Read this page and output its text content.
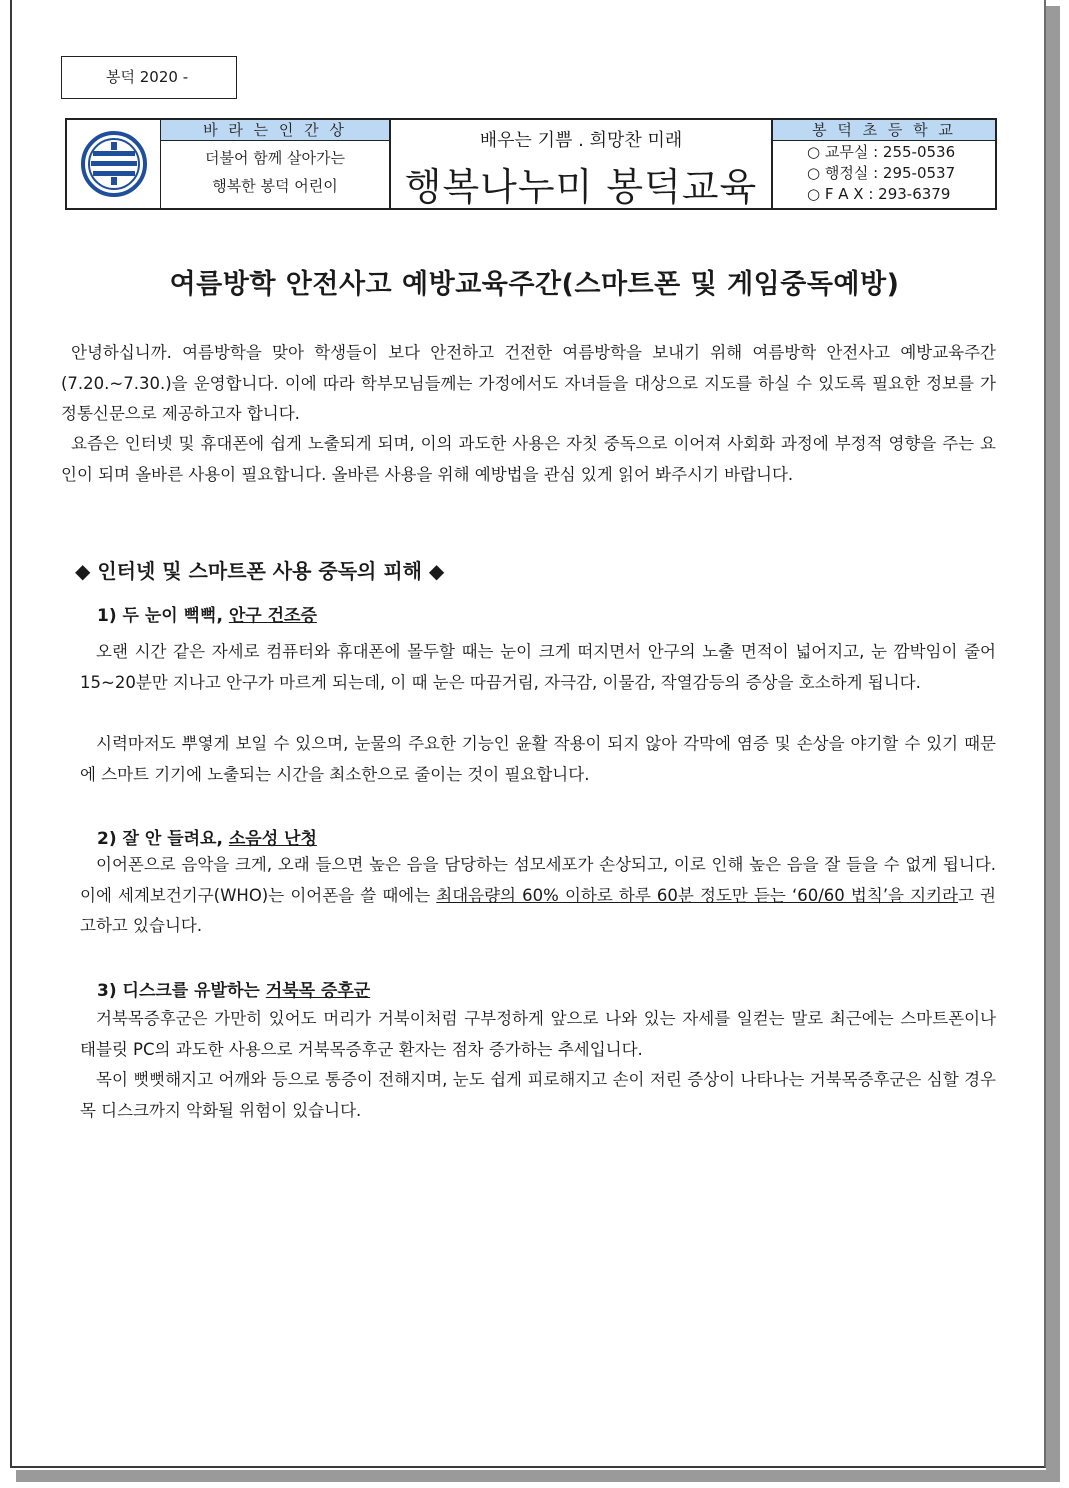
봉덕 2020 -
바 라 는 인 간 상
더불어 함께 살아가는
행복한 봉덕 어린이
배우는 기쁨 . 희망찬 미래
행복나누미 봉덕교육
봉 덕 초 등 학 교
○ 교무실 : 255-0536
○ 행정실 : 295-0537
○ F A X : 293-6379
여름방학 안전사고 예방교육주간(스마트폰 및 게임중독예방)
안녕하십니까. 여름방학을 맞아 학생들이 보다 안전하고 건전한 여름방학을 보내기 위해 여름방학 안전사고 예방교육주간(7.20.~7.30.)을 운영합니다. 이에 따라 학부모님들께는 가정에서도 자녀들을 대상으로 지도를 하실 수 있도록 필요한 정보를 가정통신문으로 제공하고자 합니다.
요즘은 인터넷 및 휴대폰에 쉽게 노출되게 되며, 이의 과도한 사용은 자칫 중독으로 이어져 사회화 과정에 부정적 영향을 주는 요인이 되며 올바른 사용이 필요합니다. 올바른 사용을 위해 예방법을 관심 있게 읽어 봐주시기 바랍니다.
◆ 인터넷 및 스마트폰 사용 중독의 피해 ◆
1) 두 눈이 뻑뻑, 안구 건조증
오랜 시간 같은 자세로 컴퓨터와 휴대폰에 몰두할 때는 눈이 크게 떠지면서 안구의 노출 면적이 넓어지고, 눈 깜박임이 줄어 15~20분만 지나고 안구가 마르게 되는데, 이 때 눈은 따끔거림, 자극감, 이물감, 작열감등의 증상을 호소하게 됩니다.
시력마저도 뿌옇게 보일 수 있으며, 눈물의 주요한 기능인 윤활 작용이 되지 않아 각막에 염증 및 손상을 야기할 수 있기 때문에 스마트 기기에 노출되는 시간을 최소한으로 줄이는 것이 필요합니다.
2) 잘 안 들려요, 소음성 난청
이어폰으로 음악을 크게, 오래 들으면 높은 음을 담당하는 섬모세포가 손상되고, 이로 인해 높은 음을 잘 들을 수 없게 됩니다. 이에 세계보건기구(WHO)는 이어폰을 쓸 때에는 최대음량의 60% 이하로 하루 60분 정도만 듣는 ‘60/60 법칙’을 지키라고 권고하고 있습니다.
3) 디스크를 유발하는 거북목 증후군
거북목증후군은 가만히 있어도 머리가 거북이처럼 구부정하게 앞으로 나와 있는 자세를 일컫는 말로 최근에는 스마트폰이나 태블릿 PC의 과도한 사용으로 거북목증후군 환자는 점차 증가하는 추세입니다.
목이 뻣뻣해지고 어깨와 등으로 통증이 전해지며, 눈도 쉽게 피로해지고 손이 저린 증상이 나타나는 거북목증후군은 심할 경우 목 디스크까지 악화될 위험이 있습니다.
